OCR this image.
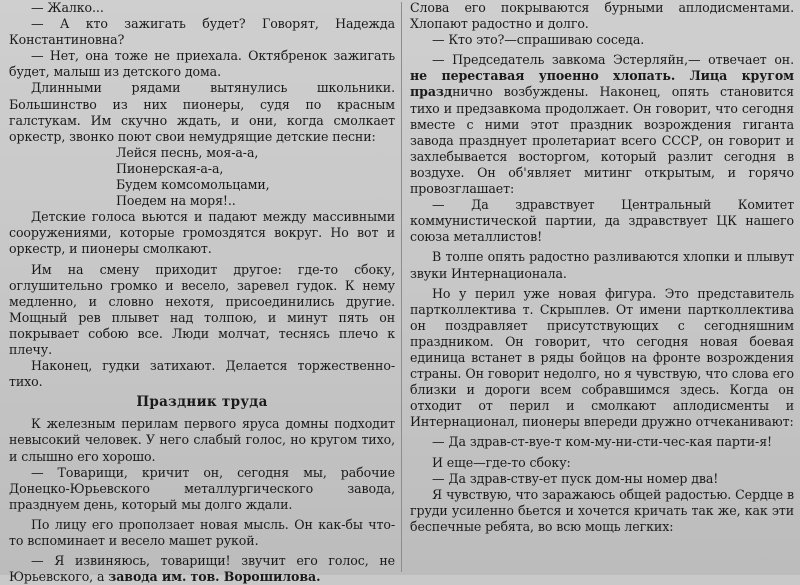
— Жалко...

— А кто зажигать будет? Говорят, Надежда Константиновна?

— Нет, она тоже не приехала. Октябренок зажигать будет, малыш из детского дома.

Длинными рядами вытянулись школьники. Большинство из них пионеры, судя по красным галстукам. Им скучно ждать, и они, когда смолкает оркестр, звонко поют свои немудрящие детские песни:

Лейся песнь, моя-а-а,
Пионерская-а-а,
Будем комсомольцами,
Поедем на моря!..

Детские голоса вьются и падают между массивными сооружениями, которые громоздятся вокруг. Но вот и оркестр, и пионеры смолкают.

Им на смену приходит другое: где-то сбоку, оглушительно громко и весело, заревел гудок. К нему медленно, и словно нехотя, присоединились другие. Мощный рев плывет над толпою, и минут пять он покрывает собою все. Люди молчат, теснясь плечо к плечу.

Наконец, гудки затихают. Делается торжественно-тихо.

Праздник труда

К железным перилам первого яруса домны подходит невысокий человек. У него слабый голос, но кругом тихо, и слышно его хорошо.

— Товарищи, кричит он, сегодня мы, рабочие Донецко-Юрьевского металлургического завода, празднуем день, который мы долго ждали.

По лицу его проползает новая мысль. Он как-бы что-то вспоминает и весело машет рукой.

— Я извиняюсь, товарищи! звучит его голос, не Юрьевского, а завода им. тов. Ворошилова.

Слова его покрываются бурными аплодисментами. Хлопают радостно и долго.

— Кто это?—спрашиваю соседа.

— Председатель завкома Эстерляйн,— отвечает он. не переставая упоенно хлопать. Лица кругом празднично возбуждены. Наконец, опять становится тихо и предзавкома продолжает. Он говорит, что сегодня вместе с ними этот праздник возрождения гиганта завода празднует пролетариат всего СССР, он говорит и захлебывается восторгом, который разлит сегодня в воздухе. Он об'являет митинг открытым, и горячо провозглашает:

— Да здравствует Центральный Комитет коммунистической партии, да здравствует ЦК нашего союза металлистов!

В толпе опять радостно разливаются хлопки и плывут звуки Интернационала.

Но у перил уже новая фигура. Это представитель партколлектива т. Скрыплев. От имени партколлектива он поздравляет присутствующих с сегодняшним праздником. Он говорит, что сегодня новая боевая единица встанет в ряды бойцов на фронте возрождения страны. Он говорит недолго, но я чувствую, что слова его близки и дороги всем собравшимся здесь. Когда он отходит от перил и смолкают аплодисменты и Интернационал, пионеры впереди дружно отчеканивают:

— Да здрав-ст-вуе-т ком-му-ни-сти-чес-кая парти-я!

И еще—где-то сбоку:

— Да здрав-ству-ет пуск дом-ны номер два!

Я чувствую, что заражаюсь общей радостью. Сердце в груди усиленно бьется и хочется кричать так же, как эти беспечные ребята, во всю мощь легких:
